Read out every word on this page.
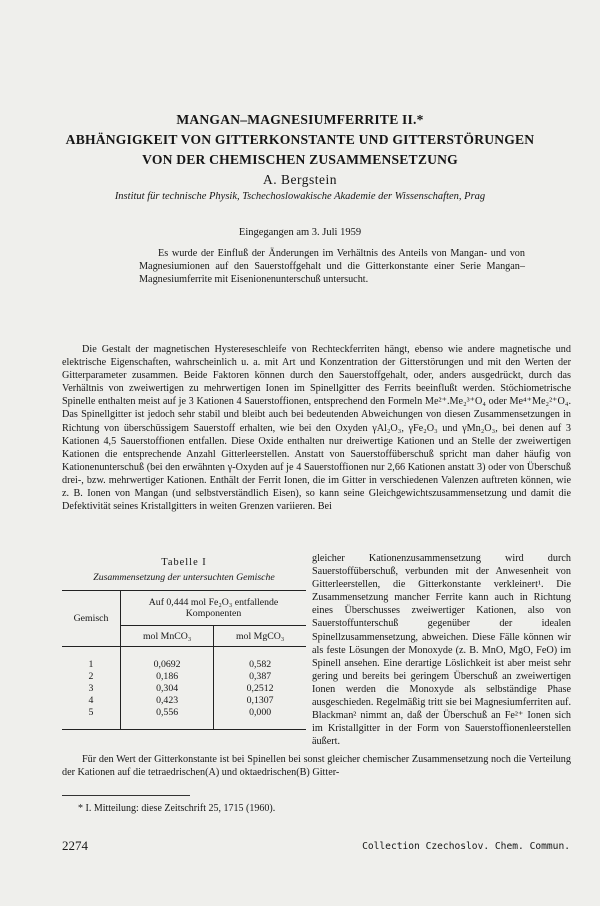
MANGAN–MAGNESIUMFERRITE II.*

ABHÄNGIGKEIT VON GITTERKONSTANTE UND GITTERSTÖRUNGEN

VON DER CHEMISCHEN ZUSAMMENSETZUNG

A. Bergstein

Institut für technische Physik, Tschechoslowakische Akademie der Wissenschaften, Prag

Eingegangen am 3. Juli 1959

Es wurde der Einfluß der Änderungen im Verhältnis des Anteils von Mangan- und von Magnesiumionen auf den Sauerstoffgehalt und die Gitterkonstante einer Serie Mangan–Magnesiumferrite mit Eisenionenunterschuß untersucht.

Die Gestalt der magnetischen Hystereseschleife von Rechteckferriten hängt, ebenso wie andere magnetische und elektrische Eigenschaften, wahrscheinlich u. a. mit Art und Konzentration der Gitterstörungen und mit den Werten der Gitterparameter zusammen. Beide Faktoren können durch den Sauerstoffgehalt, oder, anders ausgedrückt, durch das Verhältnis von zweiwertigen zu mehrwertigen Ionen im Spinellgitter des Ferrits beeinflußt werden. Stöchiometrische Spinelle enthalten meist auf je 3 Kationen 4 Sauerstoffionen, entsprechend den Formeln Me²⁺.Me₂³⁺O₄ oder Me⁴⁺Me₂²⁺O₄. Das Spinellgitter ist jedoch sehr stabil und bleibt auch bei bedeutenden Abweichungen von diesen Zusammensetzungen in Richtung von überschüssigem Sauerstoff erhalten, wie bei den Oxyden γAl₂O₃, γFe₂O₃ und γMn₂O₃, bei denen auf 3 Kationen 4,5 Sauerstoffionen entfallen. Diese Oxide enthalten nur dreiwertige Kationen und an Stelle der zweiwertigen Kationen die entsprechende Anzahl Gitterleerstellen. Anstatt von Sauerstoffüberschuß spricht man daher häufig von Kationenunterschuß (bei den erwähnten γ-Oxyden auf je 4 Sauerstoffionen nur 2,66 Kationen anstatt 3) oder von Überschuß drei-, bzw. mehrwertiger Kationen. Enthält der Ferrit Ionen, die im Gitter in verschiedenen Valenzen auftreten können, wie z. B. Ionen von Mangan (und selbstverständlich Eisen), so kann seine Gleichgewichtszusammensetzung und damit die Defektivität seines Kristallgitters in weiten Grenzen variieren. Bei

Tabelle I

Zusammensetzung der untersuchten Gemische

Gemisch	Auf 0,444 mol Fe₂O₃ entfallende Komponenten	
	mol MnCO₃	mol MgCO₃
1	0,0692	0,582
2	0,186	0,387
3	0,304	0,2512
4	0,423	0,1307
5	0,556	0,000

gleicher Kationenzusammensetzung wird durch Sauerstoffüberschuß, verbunden mit der Anwesenheit von Gitterleerstellen, die Gitterkonstante verkleinert¹. Die Zusammensetzung mancher Ferrite kann auch in Richtung eines Überschusses zweiwertiger Kationen, also von Sauerstoffunterschuß gegenüber der idealen Spinellzusammensetzung, abweichen. Diese Fälle können wir als feste Lösungen der Monoxyde (z. B. MnO, MgO, FeO) im Spinell ansehen. Eine derartige Löslichkeit ist aber meist sehr gering und bereits bei geringem Überschuß an zweiwertigen Ionen werden die Monoxyde als selbständige Phase ausgeschieden. Regelmäßig tritt sie bei Magnesiumferriten auf. Blackman² nimmt an, daß der Überschuß an Fe²⁺ Ionen sich im Kristallgitter in der Form von Sauerstoffionenleerstellen äußert.

Für den Wert der Gitterkonstante ist bei Spinellen bei sonst gleicher chemischer Zusammensetzung noch die Verteilung der Kationen auf die tetraedrischen(A) und oktaedrischen(B) Gitter-

* I. Mitteilung: diese Zeitschrift 25, 1715 (1960).

2274	Collection Czechoslov. Chem. Commun.
